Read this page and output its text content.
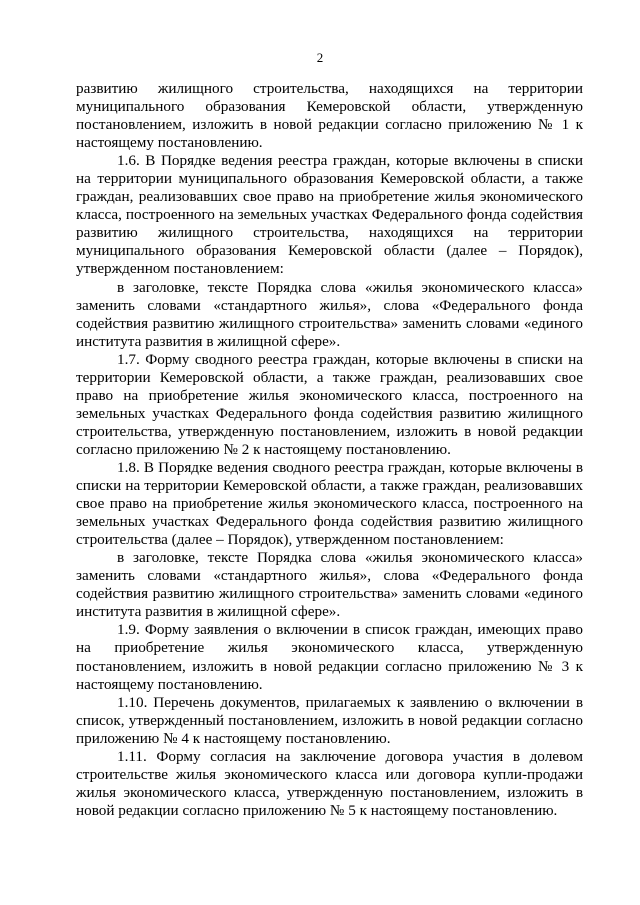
2

развитию жилищного строительства, находящихся на территории муниципального образования Кемеровской области, утвержденную постановлением, изложить в новой редакции согласно приложению № 1 к настоящему постановлению.

1.6. В Порядке ведения реестра граждан, которые включены в списки на территории муниципального образования Кемеровской области, а также граждан, реализовавших свое право на приобретение жилья экономического класса, построенного на земельных участках Федерального фонда содействия развитию жилищного строительства, находящихся на территории муниципального образования Кемеровской области (далее – Порядок), утвержденном постановлением:

в заголовке, тексте Порядка слова «жилья экономического класса» заменить словами «стандартного жилья», слова «Федерального фонда содействия развитию жилищного строительства» заменить словами «единого института развития в жилищной сфере».

1.7. Форму сводного реестра граждан, которые включены в списки на территории Кемеровской области, а также граждан, реализовавших свое право на приобретение жилья экономического класса, построенного на земельных участках Федерального фонда содействия развитию жилищного строительства, утвержденную постановлением, изложить в новой редакции согласно приложению № 2 к настоящему постановлению.

1.8. В Порядке ведения сводного реестра граждан, которые включены в списки на территории Кемеровской области, а также граждан, реализовавших свое право на приобретение жилья экономического класса, построенного на земельных участках Федерального фонда содействия развитию жилищного строительства (далее – Порядок), утвержденном постановлением:

в заголовке, тексте Порядка слова «жилья экономического класса» заменить словами «стандартного жилья», слова «Федерального фонда содействия развитию жилищного строительства» заменить словами «единого института развития в жилищной сфере».

1.9. Форму заявления о включении в список граждан, имеющих право на приобретение жилья экономического класса, утвержденную постановлением, изложить в новой редакции согласно приложению № 3 к настоящему постановлению.

1.10. Перечень документов, прилагаемых к заявлению о включении в список, утвержденный постановлением, изложить в новой редакции согласно приложению № 4 к настоящему постановлению.

1.11. Форму согласия на заключение договора участия в долевом строительстве жилья экономического класса или договора купли-продажи жилья экономического класса, утвержденную постановлением, изложить в новой редакции согласно приложению № 5 к настоящему постановлению.
